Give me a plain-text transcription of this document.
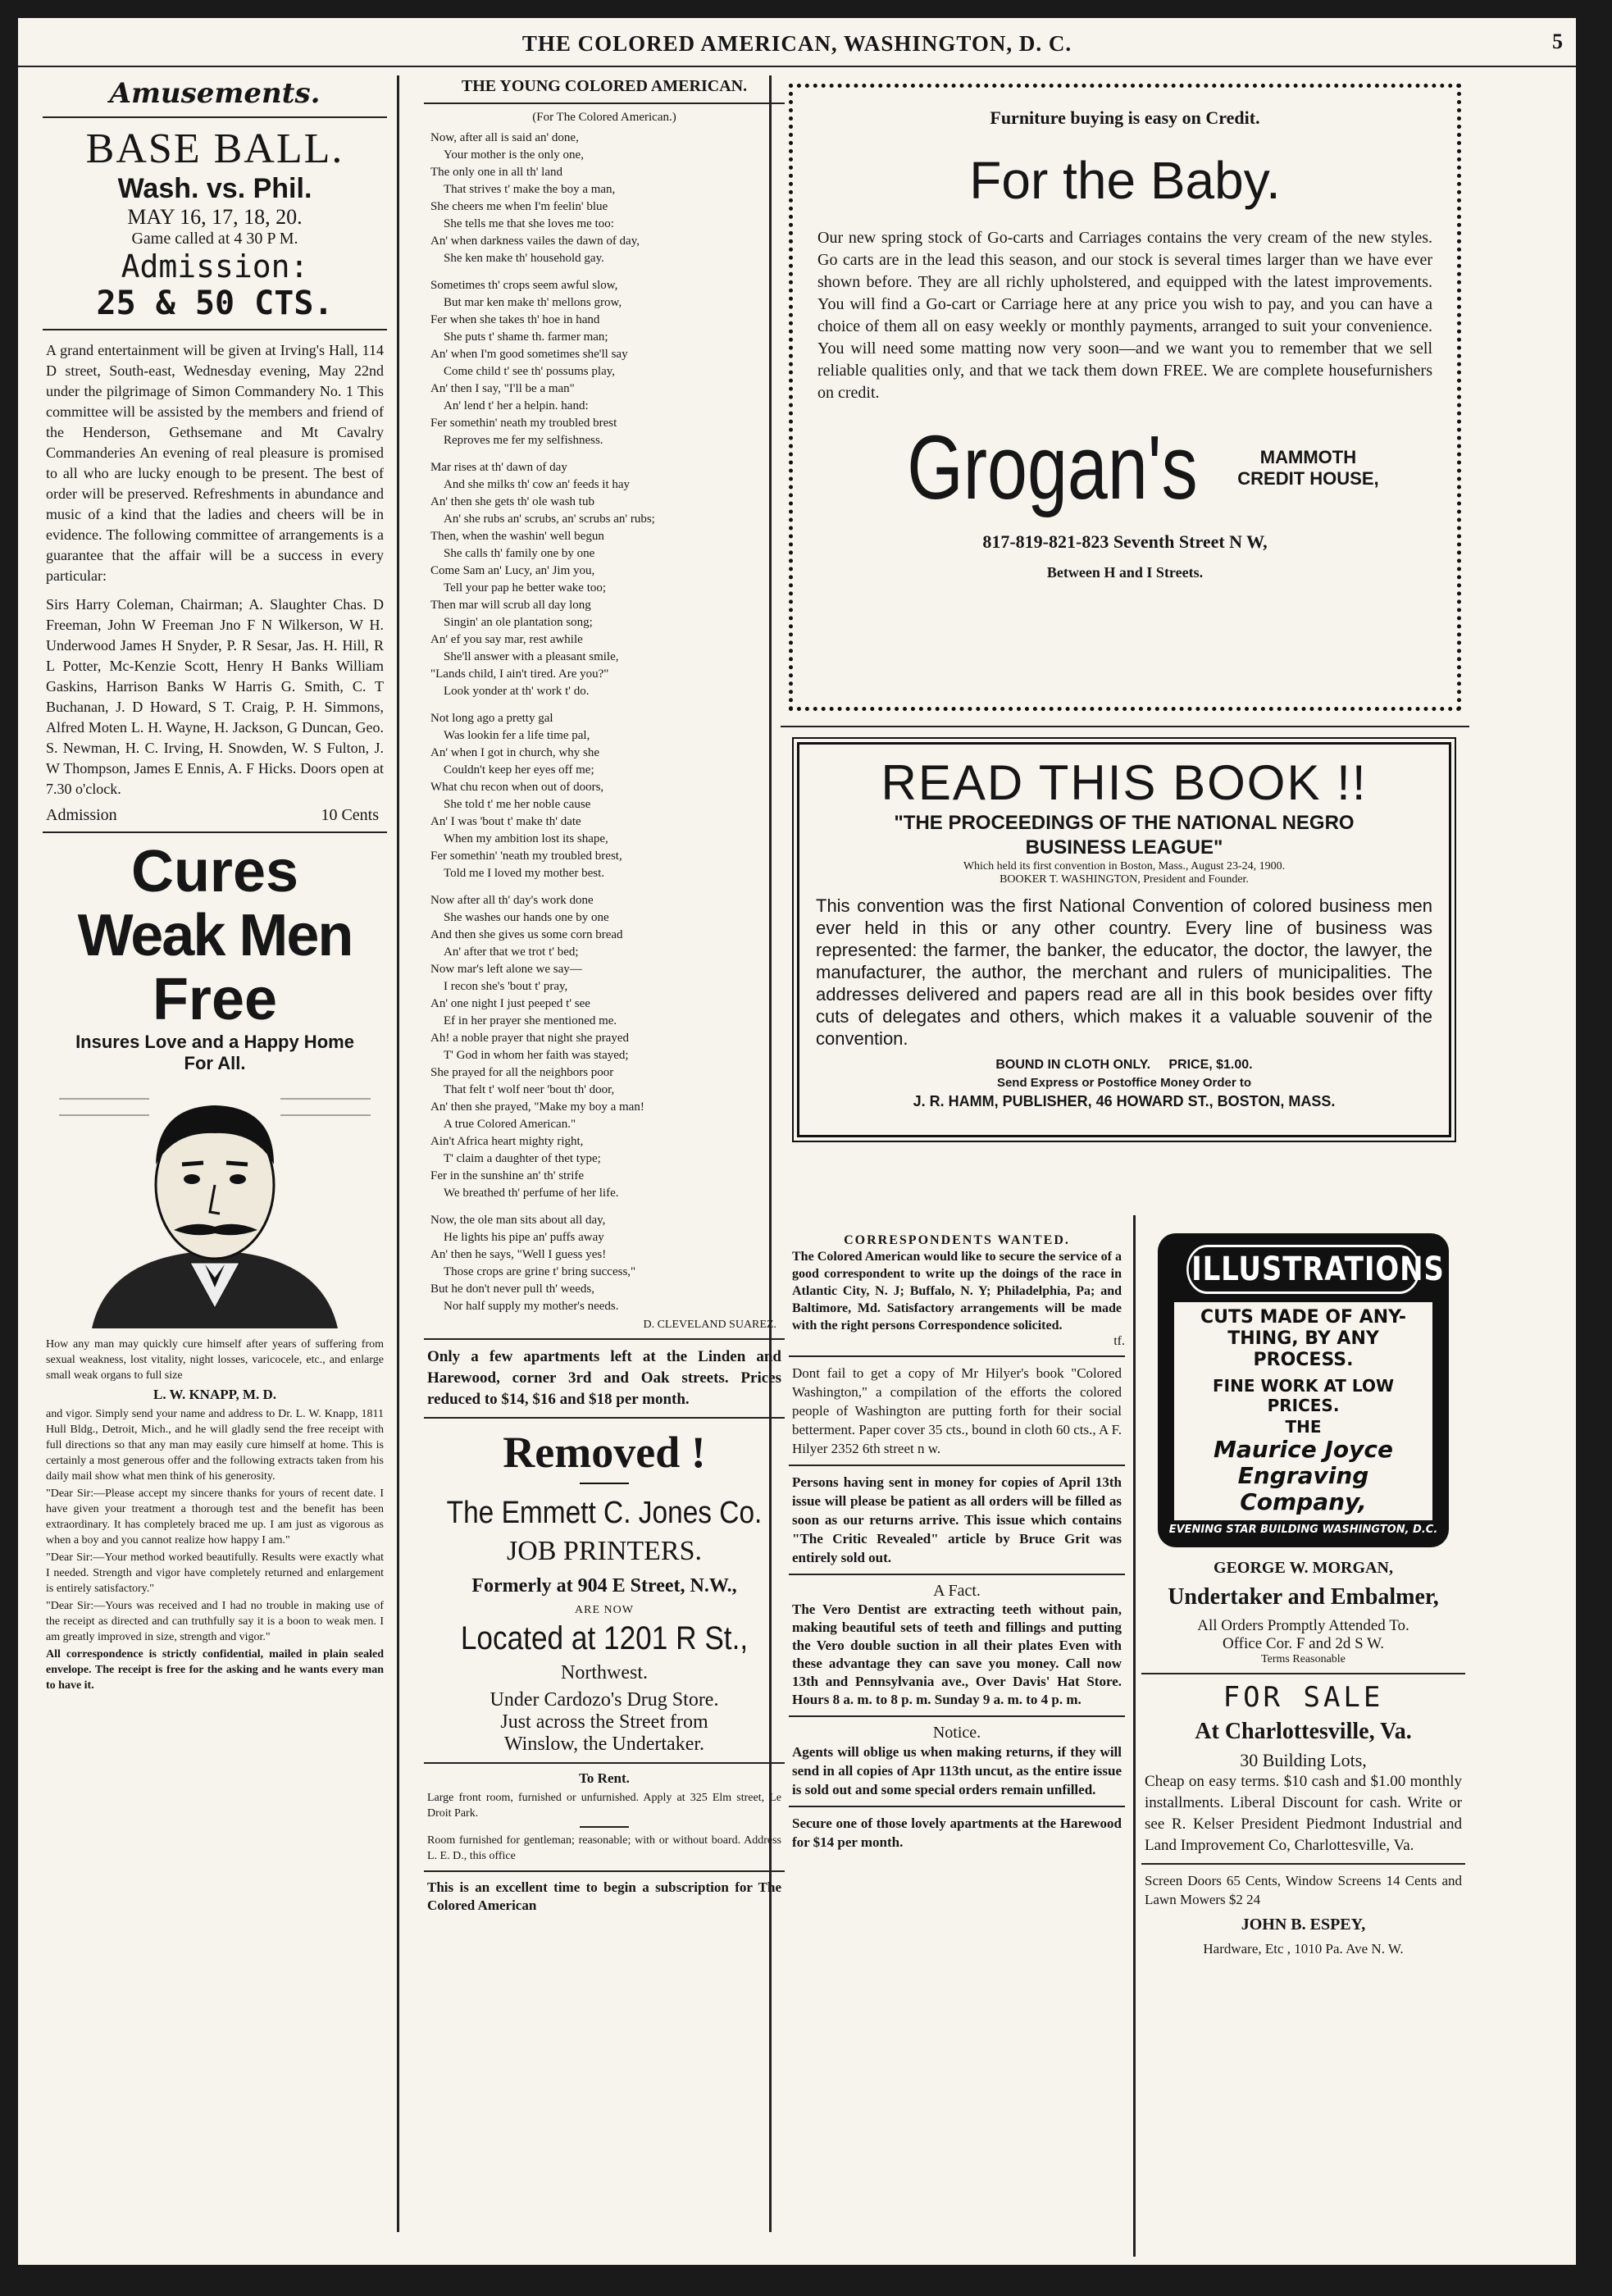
THE COLORED AMERICAN, WASHINGTON, D. C.	5
Amusements.
BASE BALL.
Wash. vs. Phil.
MAY 16, 17, 18, 20.
Game called at 4 30 P M.
Admission:
25 & 50 CTS.

A grand entertainment will be given at Irving's Hall, 114 D street, South-east, Wednesday evening, May 22nd under the pilgrimage of Simon Commandery No. 1 This committee will be assisted by the members and friend of the Henderson, Gethsemane and Mt Cavalry Commanderies An evening of real pleasure is promised to all who are lucky enough to be present. The best of order will be preserved. Refreshments in abundance and music of a kind that the ladies and cheers will be in evidence. The following committee of arrangements is a guarantee that the affair will be a success in every particular:

Sirs Harry Coleman, Chairman; A. Slaughter Chas. D Freeman, John W Freeman Jno F N Wilkerson, W H. Underwood James H Snyder, P. R Sesar, Jas. H. Hill, R L Potter, Mc-Kenzie Scott, Henry H Banks William Gaskins, Harrison Banks W Harris G. Smith, C. T Buchanan, J. D Howard, S T. Craig, P. H. Simmons, Alfred Moten L. H. Wayne, H. Jackson, G Duncan, Geo. S. Newman, H. C. Irving, H. Snowden, W. S Fulton, J. W Thompson, James E Ennis, A. F Hicks. Doors open at 7.30 o'clock.

Admission	10 Cents
Cures
Weak Men
Free
Insures Love and a Happy Home
For All.

How any man may quickly cure himself after years of suffering from sexual weakness, lost vitality, night losses, varicocele, etc., and enlarge small weak organs to full size

L. W. KNAPP, M. D.

and vigor. Simply send your name and address to Dr. L. W. Knapp, 1811 Hull Bldg., Detroit, Mich., and he will gladly send the free receipt with full directions so that any man may easily cure himself at home. This is certainly a most generous offer and the following extracts taken from his daily mail show what men think of his generosity.

"Dear Sir:—Please accept my sincere thanks for yours of recent date. I have given your treatment a thorough test and the benefit has been extraordinary. It has completely braced me up. I am just as vigorous as when a boy and you cannot realize how happy I am."

"Dear Sir:—Your method worked beautifully. Results were exactly what I needed. Strength and vigor have completely returned and enlargement is entirely satisfactory."

"Dear Sir:—Yours was received and I had no trouble in making use of the receipt as directed and can truthfully say it is a boon to weak men. I am greatly improved in size, strength and vigor."

All correspondence is strictly confidential, mailed in plain sealed envelope. The receipt is free for the asking and he wants every man to have it.

THE YOUNG COLORED AMERICAN.
(For The Colored American.)
Now, after all is said an' done,
Your mother is the only one,
The only one in all th' land
That strives t' make the boy a man,
She cheers me when I'm feelin' blue
She tells me that she loves me too:
An' when darkness vailes the dawn of day,
She ken make th' household gay.
Sometimes th' crops seem awful slow,
But mar ken make th' mellons grow,
Fer when she takes th' hoe in hand
She puts t' shame th. farmer man;
An' when I'm good sometimes she'll say
Come child t' see th' possums play,
An' then I say, "I'll be a man"
An' lend t' her a helpin. hand:
Fer somethin' neath my troubled brest
Reproves me fer my selfishness.
Mar rises at th' dawn of day
And she milks th' cow an' feeds it hay
An' then she gets th' ole wash tub
An' she rubs an' scrubs, an' scrubs an' rubs;
Then, when the washin' well begun
She calls th' family one by one
Come Sam an' Lucy, an' Jim you,
Tell your pap he better wake too;
Then mar will scrub all day long
Singin' an ole plantation song;
An' ef you say mar, rest awhile
She'll answer with a pleasant smile,
"Lands child, I ain't tired. Are you?"
Look yonder at th' work t' do.
Not long ago a pretty gal
Was lookin fer a life time pal,
An' when I got in church, why she
Couldn't keep her eyes off me;
What chu recon when out of doors,
She told t' me her noble cause
An' I was 'bout t' make th' date
When my ambition lost its shape,
Fer somethin' 'neath my troubled brest,
Told me I loved my mother best.
Now after all th' day's work done
She washes our hands one by one
And then she gives us some corn bread
An' after that we trot t' bed;
Now mar's left alone we say—
I recon she's 'bout t' pray,
An' one night I just peeped t' see
Ef in her prayer she mentioned me.
Ah! a noble prayer that night she prayed
T' God in whom her faith was stayed;
She prayed for all the neighbors poor
That felt t' wolf neer 'bout th' door,
An' then she prayed, "Make my boy a man!
A true Colored American."
Ain't Africa heart mighty right,
T' claim a daughter of thet type;
Fer in the sunshine an' th' strife
We breathed th' perfume of her life.
Now, the ole man sits about all day,
He lights his pipe an' puffs away
An' then he says, "Well I guess yes!
Those crops are grine t' bring success,"
But he don't never pull th' weeds,
Nor half supply my mother's needs.
D. CLEVELAND SUAREZ.

Only a few apartments left at the Linden and Harewood, corner 3rd and Oak streets. Prices reduced to $14, $16 and $18 per month.

Removed !
The Emmett C. Jones Co.
JOB PRINTERS.
Formerly at 904 E Street, N.W.,
ARE NOW
Located at 1201 R St.,
Northwest.
Under Cardozo's Drug Store.
Just across the Street from
Winslow, the Undertaker.
To Rent.

Large front room, furnished or unfurnished. Apply at 325 Elm street, Le Droit Park.

Room furnished for gentleman; reasonable; with or without board. Address L. E. D., this office

This is an excellent time to begin a subscription for The Colored American

Furniture buying is easy on Credit.
For the Baby.

Our new spring stock of Go-carts and Carriages contains the very cream of the new styles. Go carts are in the lead this season, and our stock is several times larger than we have ever shown before. They are all richly upholstered, and equipped with the latest improvements. You will find a Go-cart or Carriage here at any price you wish to pay, and you can have a choice of them all on easy weekly or monthly payments, arranged to suit your convenience. You will need some matting now very soon—and we want you to remember that we sell reliable qualities only, and that we tack them down FREE. We are complete housefurnishers on credit.

Grogan's	MAMMOTH
CREDIT HOUSE,
817-819-821-823 Seventh Street N W,
Between H and I Streets.
READ THIS BOOK !!
"THE PROCEEDINGS OF THE NATIONAL NEGRO BUSINESS LEAGUE"
Which held its first convention in Boston, Mass., August 23-24, 1900.
BOOKER T. WASHINGTON, President and Founder.

This convention was the first National Convention of colored business men ever held in this or any other country. Every line of business was represented: the farmer, the banker, the educator, the doctor, the lawyer, the manufacturer, the author, the merchant and rulers of municipalities. The addresses delivered and papers read are all in this book besides over fifty cuts of delegates and others, which makes it a valuable souvenir of the convention.

BOUND IN CLOTH ONLY. PRICE, $1.00.
Send Express or Postoffice Money Order to
J. R. HAMM, PUBLISHER, 46 HOWARD ST., BOSTON, MASS.
CORRESPONDENTS WANTED.

The Colored American would like to secure the service of a good correspondent to write up the doings of the race in Atlantic City, N. J; Buffalo, N. Y; Philadelphia, Pa; and Baltimore, Md. Satisfactory arrangements will be made with the right persons Correspondence solicited.

tf.

Dont fail to get a copy of Mr Hilyer's book "Colored Washington," a compilation of the efforts the colored people of Washington are putting forth for their social betterment. Paper cover 35 cts., bound in cloth 60 cts., A F. Hilyer 2352 6th street n w.

Persons having sent in money for copies of April 13th issue will please be patient as all orders will be filled as soon as our returns arrive. This issue which contains "The Critic Revealed" article by Bruce Grit was entirely sold out.

A Fact.

The Vero Dentist are extracting teeth without pain, making beautiful sets of teeth and fillings and putting the Vero double suction in all their plates Even with these advantage they can save you money. Call now 13th and Pennsylvania ave., Over Davis' Hat Store. Hours 8 a. m. to 8 p. m. Sunday 9 a. m. to 4 p. m.

Notice.

Agents will oblige us when making returns, if they will send in all copies of Apr 113th uncut, as the entire issue is sold out and some special orders remain unfilled.

Secure one of those lovely apartments at the Harewood for $14 per month.

ILLUSTRATIONS
CUTS MADE OF ANY-THING, BY ANY PROCESS.
FINE WORK AT LOW PRICES.
THE
Maurice Joyce Engraving Company,
EVENING STAR BUILDING WASHINGTON, D.C.
GEORGE W. MORGAN,
Undertaker and Embalmer,
All Orders Promptly Attended To.
Office Cor. F and 2d S W.
Terms Reasonable
FOR SALE
At Charlottesville, Va.
30 Building Lots,

Cheap on easy terms. $10 cash and $1.00 monthly installments. Liberal Discount for cash. Write or see R. Kelser President Piedmont Industrial and Land Improvement Co, Charlottesville, Va.

Screen Doors 65 Cents, Window Screens 14 Cents and Lawn Mowers $2 24

JOHN B. ESPEY,
Hardware, Etc , 1010 Pa. Ave N. W.
